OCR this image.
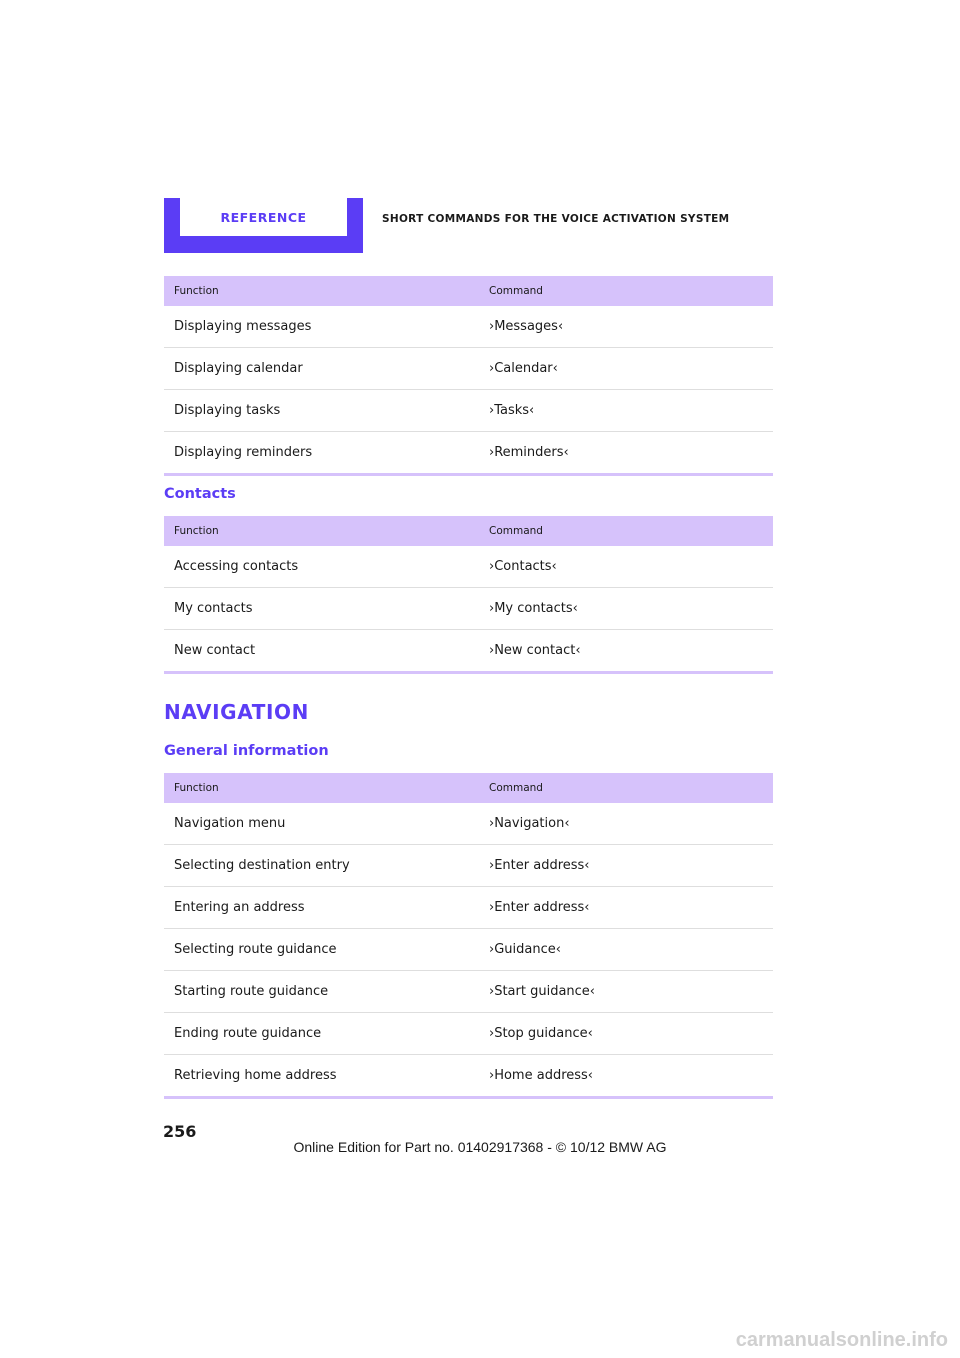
REFERENCE	SHORT COMMANDS FOR THE VOICE ACTIVATION SYSTEM
Function	Command
Displaying messages	›Messages‹
Displaying calendar	›Calendar‹
Displaying tasks	›Tasks‹
Displaying reminders	›Reminders‹
Contacts
Function	Command
Accessing contacts	›Contacts‹
My contacts	›My contacts‹
New contact	›New contact‹
NAVIGATION
General information
Function	Command
Navigation menu	›Navigation‹
Selecting destination entry	›Enter address‹
Entering an address	›Enter address‹
Selecting route guidance	›Guidance‹
Starting route guidance	›Start guidance‹
Ending route guidance	›Stop guidance‹
Retrieving home address	›Home address‹
256
Online Edition for Part no. 01402917368 - © 10/12 BMW AG
carmanualsonline.info
